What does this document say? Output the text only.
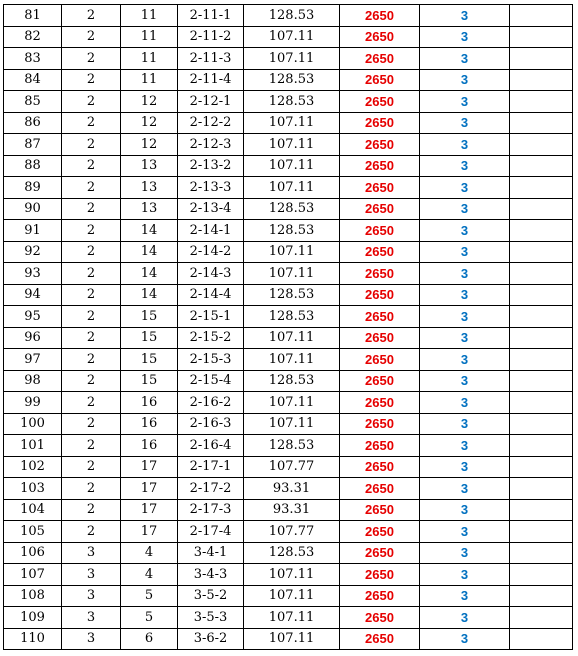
81	2	11	2-11-1	128.53	2650	3	
82	2	11	2-11-2	107.11	2650	3	
83	2	11	2-11-3	107.11	2650	3	
84	2	11	2-11-4	128.53	2650	3	
85	2	12	2-12-1	128.53	2650	3	
86	2	12	2-12-2	107.11	2650	3	
87	2	12	2-12-3	107.11	2650	3	
88	2	13	2-13-2	107.11	2650	3	
89	2	13	2-13-3	107.11	2650	3	
90	2	13	2-13-4	128.53	2650	3	
91	2	14	2-14-1	128.53	2650	3	
92	2	14	2-14-2	107.11	2650	3	
93	2	14	2-14-3	107.11	2650	3	
94	2	14	2-14-4	128.53	2650	3	
95	2	15	2-15-1	128.53	2650	3	
96	2	15	2-15-2	107.11	2650	3	
97	2	15	2-15-3	107.11	2650	3	
98	2	15	2-15-4	128.53	2650	3	
99	2	16	2-16-2	107.11	2650	3	
100	2	16	2-16-3	107.11	2650	3	
101	2	16	2-16-4	128.53	2650	3	
102	2	17	2-17-1	107.77	2650	3	
103	2	17	2-17-2	93.31	2650	3	
104	2	17	2-17-3	93.31	2650	3	
105	2	17	2-17-4	107.77	2650	3	
106	3	4	3-4-1	128.53	2650	3	
107	3	4	3-4-3	107.11	2650	3	
108	3	5	3-5-2	107.11	2650	3	
109	3	5	3-5-3	107.11	2650	3	
110	3	6	3-6-2	107.11	2650	3	
